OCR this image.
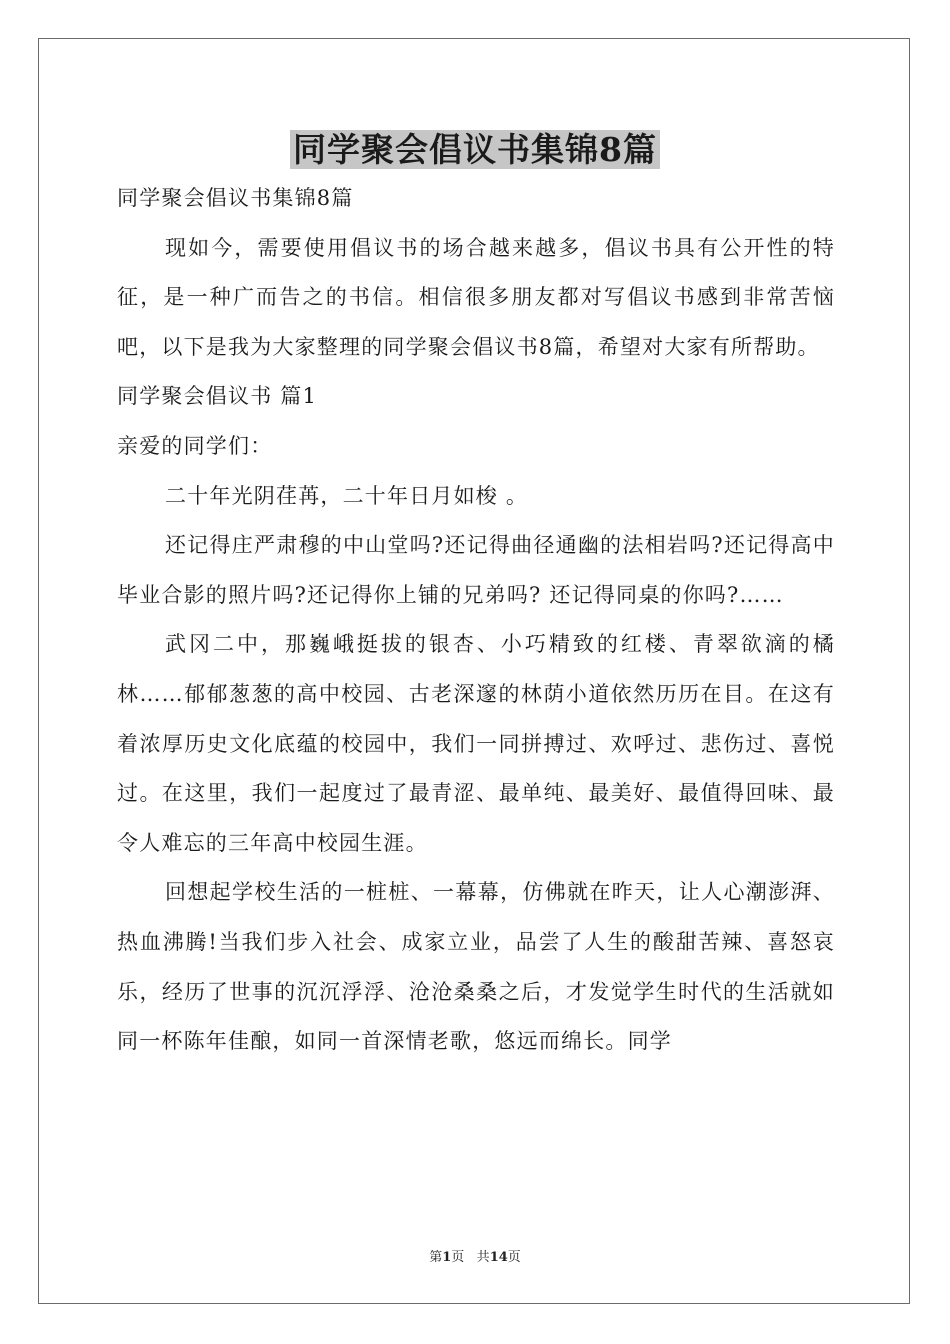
同学聚会倡议书集锦8篇

同学聚会倡议书集锦8篇

现如今，需要使用倡议书的场合越来越多，倡议书具有公开性的特征，是一种广而告之的书信。相信很多朋友都对写倡议书感到非常苦恼吧，以下是我为大家整理的同学聚会倡议书8篇，希望对大家有所帮助。

同学聚会倡议书 篇1

亲爱的同学们：

二十年光阴荏苒，二十年日月如梭 。

还记得庄严肃穆的中山堂吗?还记得曲径通幽的法相岩吗?还记得高中毕业合影的照片吗?还记得你上铺的兄弟吗? 还记得同桌的你吗?……

武冈二中，那巍峨挺拔的银杏、小巧精致的红楼、青翠欲滴的橘林……郁郁葱葱的高中校园、古老深邃的林荫小道依然历历在目。在这有着浓厚历史文化底蕴的校园中，我们一同拼搏过、欢呼过、悲伤过、喜悦过。在这里，我们一起度过了最青涩、最单纯、最美好、最值得回味、最令人难忘的三年高中校园生涯。

回想起学校生活的一桩桩、一幕幕，仿佛就在昨天，让人心潮澎湃、热血沸腾!当我们步入社会、成家立业，品尝了人生的酸甜苦辣、喜怒哀乐，经历了世事的沉沉浮浮、沧沧桑桑之后，才发觉学生时代的生活就如同一杯陈年佳酿，如同一首深情老歌，悠远而绵长。同学

第1页 共14页
